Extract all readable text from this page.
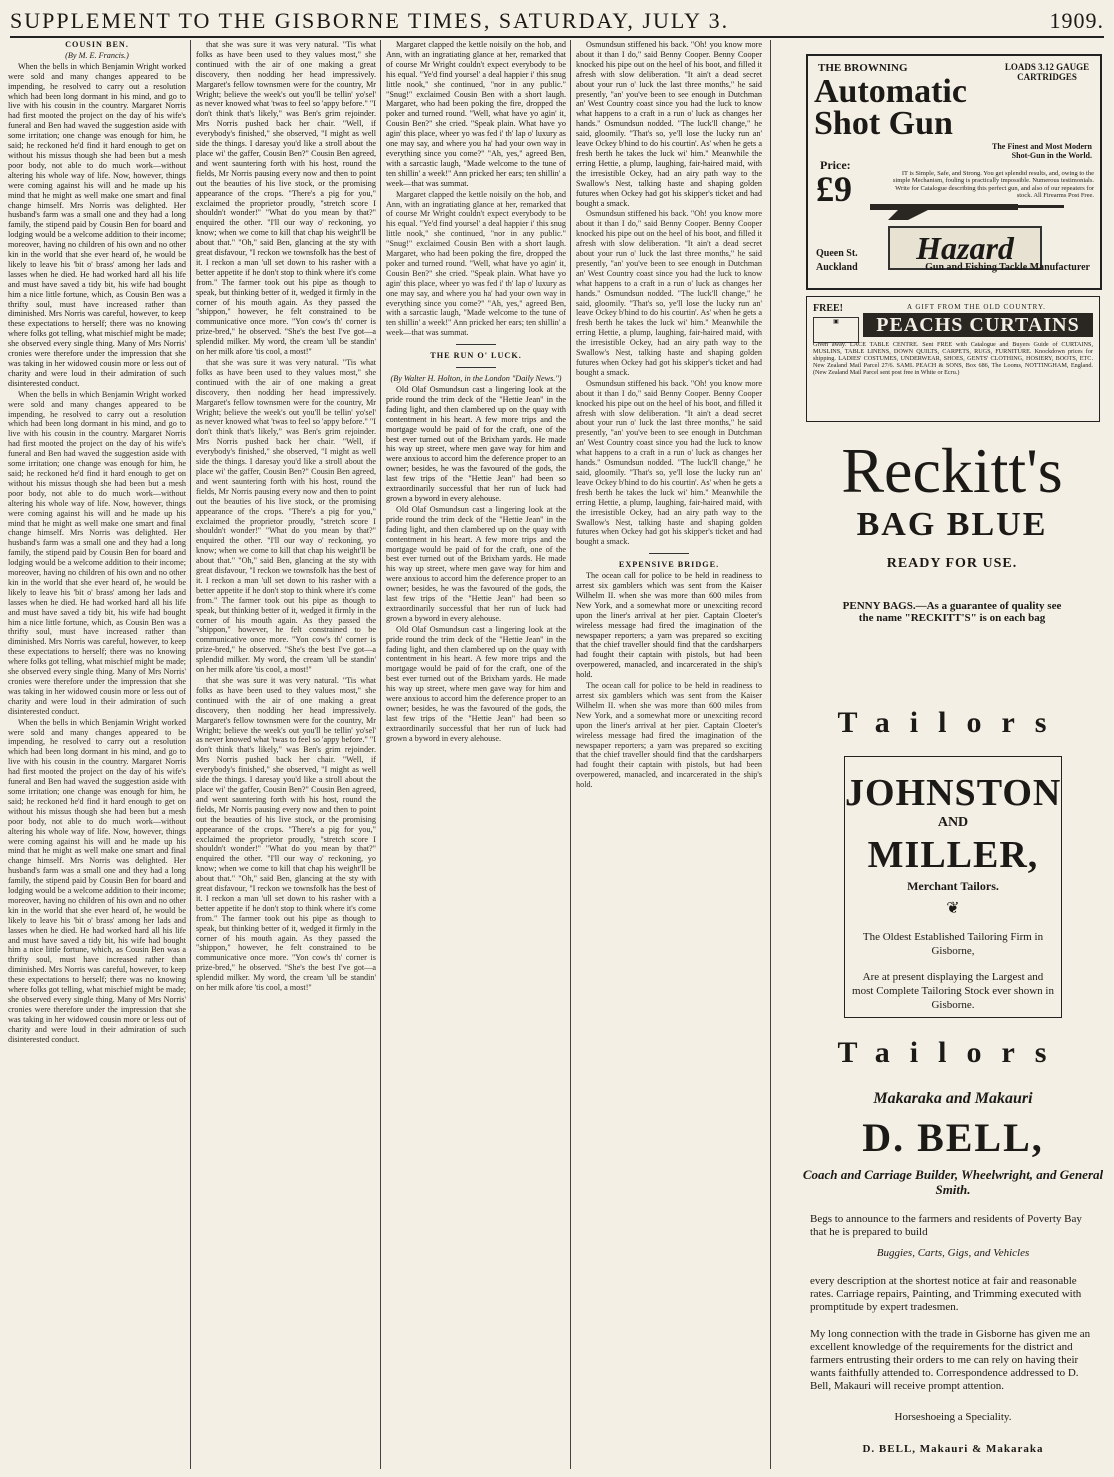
SUPPLEMENT TO THE GISBORNE TIMES, SATURDAY, JULY 3.	1909.

COUSIN BEN.

(By M. E. Francis.)

When the bells in which Benjamin Wright worked were sold and many changes appeared to be impending, he resolved to carry out a resolution which had been long dormant in his mind, and go to live with his cousin in the country. Margaret Norris had first mooted the project on the day of his wife's funeral and Ben had waved the suggestion aside with some irritation; one change was enough for him, he said; he reckoned he'd find it hard enough to get on without his missus though she had been but a mesh poor body, not able to do much work—without altering his whole way of life. Now, however, things were coming against his will and he made up his mind that he might as well make one smart and final change himself. Mrs Norris was delighted. Her husband's farm was a small one and they had a long family, the stipend paid by Cousin Ben for board and lodging would be a welcome addition to their income; moreover, having no children of his own and no other kin in the world that she ever heard of, he would be likely to leave his 'bit o' brass' among her lads and lasses when he died. He had worked hard all his life and must have saved a tidy bit, his wife had bought him a nice little fortune, which, as Cousin Ben was a thrifty soul, must have increased rather than diminished. Mrs Norris was careful, however, to keep these expectations to herself; there was no knowing where folks got telling, what mischief might be made; she observed every single thing. Many of Mrs Norris' cronies were therefore under the impression that she was taking in her widowed cousin more or less out of charity and were loud in their admiration of such disinterested conduct.

When the bells in which Benjamin Wright worked were sold and many changes appeared to be impending, he resolved to carry out a resolution which had been long dormant in his mind, and go to live with his cousin in the country. Margaret Norris had first mooted the project on the day of his wife's funeral and Ben had waved the suggestion aside with some irritation; one change was enough for him, he said; he reckoned he'd find it hard enough to get on without his missus though she had been but a mesh poor body, not able to do much work—without altering his whole way of life. Now, however, things were coming against his will and he made up his mind that he might as well make one smart and final change himself. Mrs Norris was delighted. Her husband's farm was a small one and they had a long family, the stipend paid by Cousin Ben for board and lodging would be a welcome addition to their income; moreover, having no children of his own and no other kin in the world that she ever heard of, he would be likely to leave his 'bit o' brass' among her lads and lasses when he died. He had worked hard all his life and must have saved a tidy bit, his wife had bought him a nice little fortune, which, as Cousin Ben was a thrifty soul, must have increased rather than diminished. Mrs Norris was careful, however, to keep these expectations to herself; there was no knowing where folks got telling, what mischief might be made; she observed every single thing. Many of Mrs Norris' cronies were therefore under the impression that she was taking in her widowed cousin more or less out of charity and were loud in their admiration of such disinterested conduct.

When the bells in which Benjamin Wright worked were sold and many changes appeared to be impending, he resolved to carry out a resolution which had been long dormant in his mind, and go to live with his cousin in the country. Margaret Norris had first mooted the project on the day of his wife's funeral and Ben had waved the suggestion aside with some irritation; one change was enough for him, he said; he reckoned he'd find it hard enough to get on without his missus though she had been but a mesh poor body, not able to do much work—without altering his whole way of life. Now, however, things were coming against his will and he made up his mind that he might as well make one smart and final change himself. Mrs Norris was delighted. Her husband's farm was a small one and they had a long family, the stipend paid by Cousin Ben for board and lodging would be a welcome addition to their income; moreover, having no children of his own and no other kin in the world that she ever heard of, he would be likely to leave his 'bit o' brass' among her lads and lasses when he died. He had worked hard all his life and must have saved a tidy bit, his wife had bought him a nice little fortune, which, as Cousin Ben was a thrifty soul, must have increased rather than diminished. Mrs Norris was careful, however, to keep these expectations to herself; there was no knowing where folks got telling, what mischief might be made; she observed every single thing. Many of Mrs Norris' cronies were therefore under the impression that she was taking in her widowed cousin more or less out of charity and were loud in their admiration of such disinterested conduct.

that she was sure it was very natural. "Tis what folks as have been used to they values most," she continued with the air of one making a great discovery, then nodding her head impressively. Margaret's fellow townsmen were for the country, Mr Wright; believe the week's out you'll be tellin' yo'sel' as never knowed what 'twas to feel so 'appy before." "I don't think that's likely," was Ben's grim rejoinder. Mrs Norris pushed back her chair. "Well, if everybody's finished," she observed, "I might as well side the things. I daresay you'd like a stroll about the place wi' the gaffer, Cousin Ben?" Cousin Ben agreed, and went sauntering forth with his host, round the fields, Mr Norris pausing every now and then to point out the beauties of his live stock, or the promising appearance of the crops. "There's a pig for you," exclaimed the proprietor proudly, "stretch score I shouldn't wonder!" "What do you mean by that?" enquired the other. "I'll our way o' reckoning, yo know; when we come to kill that chap his weight'll be about that." "Oh," said Ben, glancing at the sty with great disfavour, "I reckon we townsfolk has the best of it. I reckon a man 'ull set down to his rasher with a better appetite if he don't stop to think where it's come from." The farmer took out his pipe as though to speak, but thinking better of it, wedged it firmly in the corner of his mouth again. As they passed the "shippon," however, he felt constrained to be communicative once more. "Yon cow's th' corner is prize-bred," he observed. "She's the best I've got—a splendid milker. My word, the cream 'ull be standin' on her milk afore 'tis cool, a most!"

that she was sure it was very natural. "Tis what folks as have been used to they values most," she continued with the air of one making a great discovery, then nodding her head impressively. Margaret's fellow townsmen were for the country, Mr Wright; believe the week's out you'll be tellin' yo'sel' as never knowed what 'twas to feel so 'appy before." "I don't think that's likely," was Ben's grim rejoinder. Mrs Norris pushed back her chair. "Well, if everybody's finished," she observed, "I might as well side the things. I daresay you'd like a stroll about the place wi' the gaffer, Cousin Ben?" Cousin Ben agreed, and went sauntering forth with his host, round the fields, Mr Norris pausing every now and then to point out the beauties of his live stock, or the promising appearance of the crops. "There's a pig for you," exclaimed the proprietor proudly, "stretch score I shouldn't wonder!" "What do you mean by that?" enquired the other. "I'll our way o' reckoning, yo know; when we come to kill that chap his weight'll be about that." "Oh," said Ben, glancing at the sty with great disfavour, "I reckon we townsfolk has the best of it. I reckon a man 'ull set down to his rasher with a better appetite if he don't stop to think where it's come from." The farmer took out his pipe as though to speak, but thinking better of it, wedged it firmly in the corner of his mouth again. As they passed the "shippon," however, he felt constrained to be communicative once more. "Yon cow's th' corner is prize-bred," he observed. "She's the best I've got—a splendid milker. My word, the cream 'ull be standin' on her milk afore 'tis cool, a most!"

that she was sure it was very natural. "Tis what folks as have been used to they values most," she continued with the air of one making a great discovery, then nodding her head impressively. Margaret's fellow townsmen were for the country, Mr Wright; believe the week's out you'll be tellin' yo'sel' as never knowed what 'twas to feel so 'appy before." "I don't think that's likely," was Ben's grim rejoinder. Mrs Norris pushed back her chair. "Well, if everybody's finished," she observed, "I might as well side the things. I daresay you'd like a stroll about the place wi' the gaffer, Cousin Ben?" Cousin Ben agreed, and went sauntering forth with his host, round the fields, Mr Norris pausing every now and then to point out the beauties of his live stock, or the promising appearance of the crops. "There's a pig for you," exclaimed the proprietor proudly, "stretch score I shouldn't wonder!" "What do you mean by that?" enquired the other. "I'll our way o' reckoning, yo know; when we come to kill that chap his weight'll be about that." "Oh," said Ben, glancing at the sty with great disfavour, "I reckon we townsfolk has the best of it. I reckon a man 'ull set down to his rasher with a better appetite if he don't stop to think where it's come from." The farmer took out his pipe as though to speak, but thinking better of it, wedged it firmly in the corner of his mouth again. As they passed the "shippon," however, he felt constrained to be communicative once more. "Yon cow's th' corner is prize-bred," he observed. "She's the best I've got—a splendid milker. My word, the cream 'ull be standin' on her milk afore 'tis cool, a most!"

Margaret clapped the kettle noisily on the hob, and Ann, with an ingratiating glance at her, remarked that of course Mr Wright couldn't expect everybody to be his equal. "Ye'd find yoursel' a deal happier i' this snug little nook," she continued, "nor in any public." "Snug!" exclaimed Cousin Ben with a short laugh. Margaret, who had been poking the fire, dropped the poker and turned round. "Well, what have yo agin' it, Cousin Ben?" she cried. "Speak plain. What have yo agin' this place, wheer yo was fed i' th' lap o' luxury as one may say, and where you ha' had your own way in everything since you come?" "Ah, yes," agreed Ben, with a sarcastic laugh, "Made welcome to the tune of ten shillin' a week!" Ann pricked her ears; ten shillin' a week—that was summat.

Margaret clapped the kettle noisily on the hob, and Ann, with an ingratiating glance at her, remarked that of course Mr Wright couldn't expect everybody to be his equal. "Ye'd find yoursel' a deal happier i' this snug little nook," she continued, "nor in any public." "Snug!" exclaimed Cousin Ben with a short laugh. Margaret, who had been poking the fire, dropped the poker and turned round. "Well, what have yo agin' it, Cousin Ben?" she cried. "Speak plain. What have yo agin' this place, wheer yo was fed i' th' lap o' luxury as one may say, and where you ha' had your own way in everything since you come?" "Ah, yes," agreed Ben, with a sarcastic laugh, "Made welcome to the tune of ten shillin' a week!" Ann pricked her ears; ten shillin' a week—that was summat.

THE RUN O' LUCK.

(By Walter H. Holton, in the London "Daily News.")

Old Olaf Osmundsun cast a lingering look at the pride round the trim deck of the "Hettie Jean" in the fading light, and then clambered up on the quay with contentment in his heart. A few more trips and the mortgage would be paid of for the craft, one of the best ever turned out of the Brixham yards. He made his way up street, where men gave way for him and were anxious to accord him the deference proper to an owner; besides, he was the favoured of the gods, the last few trips of the "Hettie Jean" had been so extraordinarily successful that her run of luck had grown a byword in every alehouse.

Old Olaf Osmundsun cast a lingering look at the pride round the trim deck of the "Hettie Jean" in the fading light, and then clambered up on the quay with contentment in his heart. A few more trips and the mortgage would be paid of for the craft, one of the best ever turned out of the Brixham yards. He made his way up street, where men gave way for him and were anxious to accord him the deference proper to an owner; besides, he was the favoured of the gods, the last few trips of the "Hettie Jean" had been so extraordinarily successful that her run of luck had grown a byword in every alehouse.

Old Olaf Osmundsun cast a lingering look at the pride round the trim deck of the "Hettie Jean" in the fading light, and then clambered up on the quay with contentment in his heart. A few more trips and the mortgage would be paid of for the craft, one of the best ever turned out of the Brixham yards. He made his way up street, where men gave way for him and were anxious to accord him the deference proper to an owner; besides, he was the favoured of the gods, the last few trips of the "Hettie Jean" had been so extraordinarily successful that her run of luck had grown a byword in every alehouse.

Osmundsun stiffened his back. "Oh! you know more about it than I do," said Benny Cooper. Benny Cooper knocked his pipe out on the heel of his boot, and filled it afresh with slow deliberation. "It ain't a dead secret about your run o' luck the last three months," he said presently, "an' you've been to see enough in Dutchman an' West Country coast since you had the luck to know what happens to a craft in a run o' luck as changes her hands." Osmundsun nodded. "The luck'll change," he said, gloomily. "That's so, ye'll lose the lucky run an' leave Ockey b'hind to do his courtin'. As' when he gets a fresh berth he takes the luck wi' him." Meanwhile the erring Hettie, a plump, laughing, fair-haired maid, with the irresistible Ockey, had an airy path way to the Swallow's Nest, talking haste and shaping golden futures when Ockey had got his skipper's ticket and had bought a smack.

Osmundsun stiffened his back. "Oh! you know more about it than I do," said Benny Cooper. Benny Cooper knocked his pipe out on the heel of his boot, and filled it afresh with slow deliberation. "It ain't a dead secret about your run o' luck the last three months," he said presently, "an' you've been to see enough in Dutchman an' West Country coast since you had the luck to know what happens to a craft in a run o' luck as changes her hands." Osmundsun nodded. "The luck'll change," he said, gloomily. "That's so, ye'll lose the lucky run an' leave Ockey b'hind to do his courtin'. As' when he gets a fresh berth he takes the luck wi' him." Meanwhile the erring Hettie, a plump, laughing, fair-haired maid, with the irresistible Ockey, had an airy path way to the Swallow's Nest, talking haste and shaping golden futures when Ockey had got his skipper's ticket and had bought a smack.

Osmundsun stiffened his back. "Oh! you know more about it than I do," said Benny Cooper. Benny Cooper knocked his pipe out on the heel of his boot, and filled it afresh with slow deliberation. "It ain't a dead secret about your run o' luck the last three months," he said presently, "an' you've been to see enough in Dutchman an' West Country coast since you had the luck to know what happens to a craft in a run o' luck as changes her hands." Osmundsun nodded. "The luck'll change," he said, gloomily. "That's so, ye'll lose the lucky run an' leave Ockey b'hind to do his courtin'. As' when he gets a fresh berth he takes the luck wi' him." Meanwhile the erring Hettie, a plump, laughing, fair-haired maid, with the irresistible Ockey, had an airy path way to the Swallow's Nest, talking haste and shaping golden futures when Ockey had got his skipper's ticket and had bought a smack.

EXPENSIVE BRIDGE.

The ocean call for police to be held in readiness to arrest six gamblers which was sent from the Kaiser Wilhelm II. when she was more than 600 miles from New York, and a somewhat more or unexciting record upon the liner's arrival at her pier. Captain Cloeter's wireless message had fired the imagination of the newspaper reporters; a yarn was prepared so exciting that the chief traveller should find that the cardsharpers had fought their captain with pistols, but had been overpowered, manacled, and incarcerated in the ship's hold.

The ocean call for police to be held in readiness to arrest six gamblers which was sent from the Kaiser Wilhelm II. when she was more than 600 miles from New York, and a somewhat more or unexciting record upon the liner's arrival at her pier. Captain Cloeter's wireless message had fired the imagination of the newspaper reporters; a yarn was prepared so exciting that the chief traveller should find that the cardsharpers had fought their captain with pistols, but had been overpowered, manacled, and incarcerated in the ship's hold.

THE BROWNING	LOADS 3.12 GAUGE CARTRIDGES
Automatic Shot Gun
The Finest and Most Modern Shot-Gun in the World.
Price:
£9	IT is Simple, Safe, and Strong. You get splendid results, and, owing to the simple Mechanism, fouling is practically impossible. Numerous testimonials. Write for Catalogue describing this perfect gun, and also of our repeaters for stock. All Firearms Post Free.
Hazard
Queen St.
Auckland	Gun and Fishing Tackle Manufacturer
FREE!	A GIFT FROM THE OLD COUNTRY.
▣	PEACHS CURTAINS
Given away. LACE TABLE CENTRE. Sent FREE with Catalogue and Buyers Guide of CURTAINS, MUSLINS, TABLE LINENS, DOWN QUILTS, CARPETS, RUGS, FURNITURE. Knockdown prices for shipping. LADIES' COSTUMES, UNDERWEAR, SHOES, GENTS' CLOTHING, HOSIERY, BOOTS, ETC. New Zealand Mail Parcel 27/6. SAML PEACH & SONS, Box 686, The Looms, NOTTINGHAM, England. (New Zealand Mail Parcel sent post free in White or Ecru.)
Reckitt's
BAG BLUE
READY FOR USE.
PENNY BAGS.—As a guarantee of quality see
the name "RECKITT'S" is on each bag
Tailors
Tailors
JOHNSTON
AND
MILLER,
Merchant Tailors.
❦
The Oldest Established Tailoring Firm in Gisborne,
Are at present displaying the Largest and most Complete Tailoring Stock ever shown in Gisborne.
Makaraka and Makauri
D. BELL,
Coach and Carriage Builder, Wheelwright, and General Smith.
Begs to announce to the farmers and residents of Poverty Bay that he is prepared to build
Buggies, Carts, Gigs, and Vehicles
every description at the shortest notice at fair and reasonable rates. Carriage repairs, Painting, and Trimming executed with promptitude by expert tradesmen.
My long connection with the trade in Gisborne has given me an excellent knowledge of the requirements for the district and farmers entrusting their orders to me can rely on having their wants faithfully attended to. Correspondence addressed to D. Bell, Makauri will receive prompt attention.
Horseshoeing a Speciality.
D. BELL, Makauri & Makaraka
